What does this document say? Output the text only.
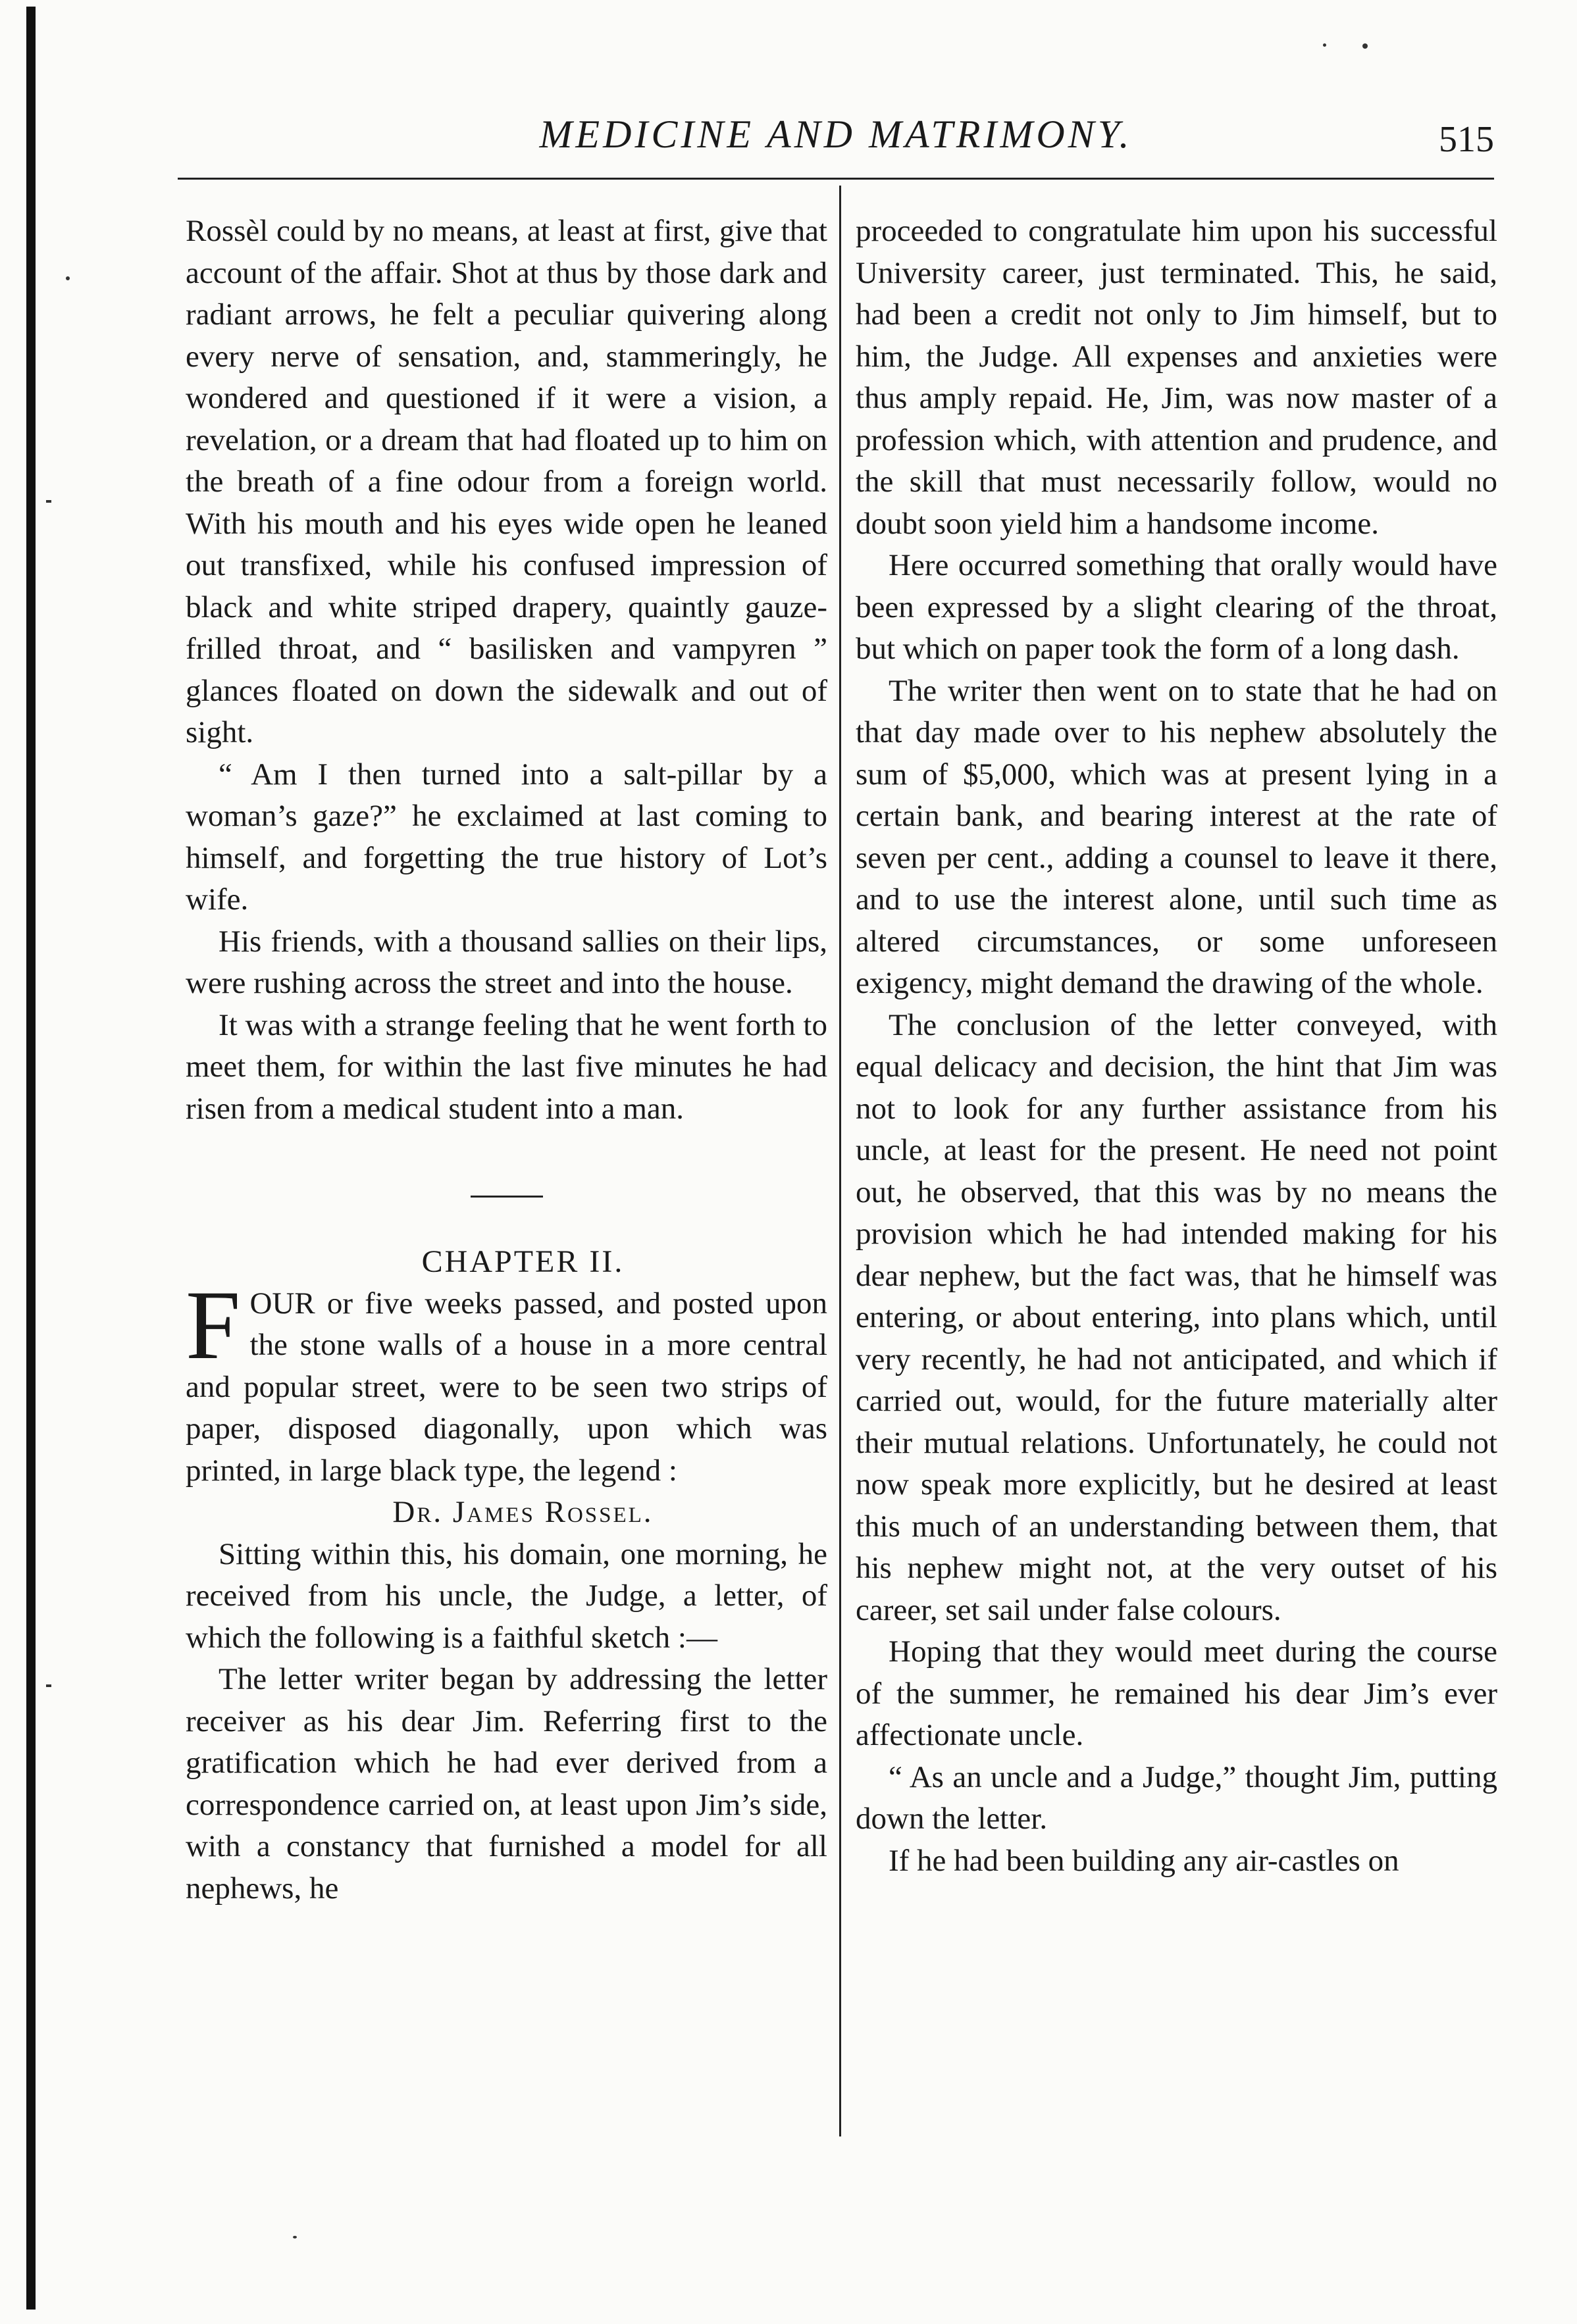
MEDICINE AND MATRIMONY.	515

Rossèl could by no means, at least at first, give that account of the affair. Shot at thus by those dark and radiant arrows, he felt a peculiar quivering along every nerve of sensation, and, stammeringly, he wondered and questioned if it were a vision, a revelation, or a dream that had floated up to him on the breath of a fine odour from a foreign world. With his mouth and his eyes wide open he leaned out transfixed, while his confused impression of black and white striped drapery, quaintly gauze-frilled throat, and “ basilisken and vampyren ” glances floated on down the sidewalk and out of sight.

“ Am I then turned into a salt-pillar by a woman’s gaze?” he exclaimed at last coming to himself, and forgetting the true history of Lot’s wife.

His friends, with a thousand sallies on their lips, were rushing across the street and into the house.

It was with a strange feeling that he went forth to meet them, for within the last five minutes he had risen from a medical student into a man.

CHAPTER II.

FOUR or five weeks passed, and posted upon the stone walls of a house in a more central and popular street, were to be seen two strips of paper, disposed diagonally, upon which was printed, in large black type, the legend :

Dr. James Rossel.

Sitting within this, his domain, one morning, he received from his uncle, the Judge, a letter, of which the following is a faithful sketch :—

The letter writer began by addressing the letter receiver as his dear Jim. Referring first to the gratification which he had ever derived from a correspondence carried on, at least upon Jim’s side, with a constancy that furnished a model for all nephews, he

proceeded to congratulate him upon his successful University career, just terminated. This, he said, had been a credit not only to Jim himself, but to him, the Judge. All expenses and anxieties were thus amply repaid. He, Jim, was now master of a profession which, with attention and prudence, and the skill that must necessarily follow, would no doubt soon yield him a handsome income.

Here occurred something that orally would have been expressed by a slight clearing of the throat, but which on paper took the form of a long dash.

The writer then went on to state that he had on that day made over to his nephew absolutely the sum of $5,000, which was at present lying in a certain bank, and bearing interest at the rate of seven per cent., adding a counsel to leave it there, and to use the interest alone, until such time as altered circumstances, or some unforeseen exigency, might demand the drawing of the whole.

The conclusion of the letter conveyed, with equal delicacy and decision, the hint that Jim was not to look for any further assistance from his uncle, at least for the present. He need not point out, he observed, that this was by no means the provision which he had intended making for his dear nephew, but the fact was, that he himself was entering, or about entering, into plans which, until very recently, he had not anticipated, and which if carried out, would, for the future materially alter their mutual relations. Unfortunately, he could not now speak more explicitly, but he desired at least this much of an understanding between them, that his nephew might not, at the very outset of his career, set sail under false colours.

Hoping that they would meet during the course of the summer, he remained his dear Jim’s ever affectionate uncle.

“ As an uncle and a Judge,” thought Jim, putting down the letter.

If he had been building any air-castles on
